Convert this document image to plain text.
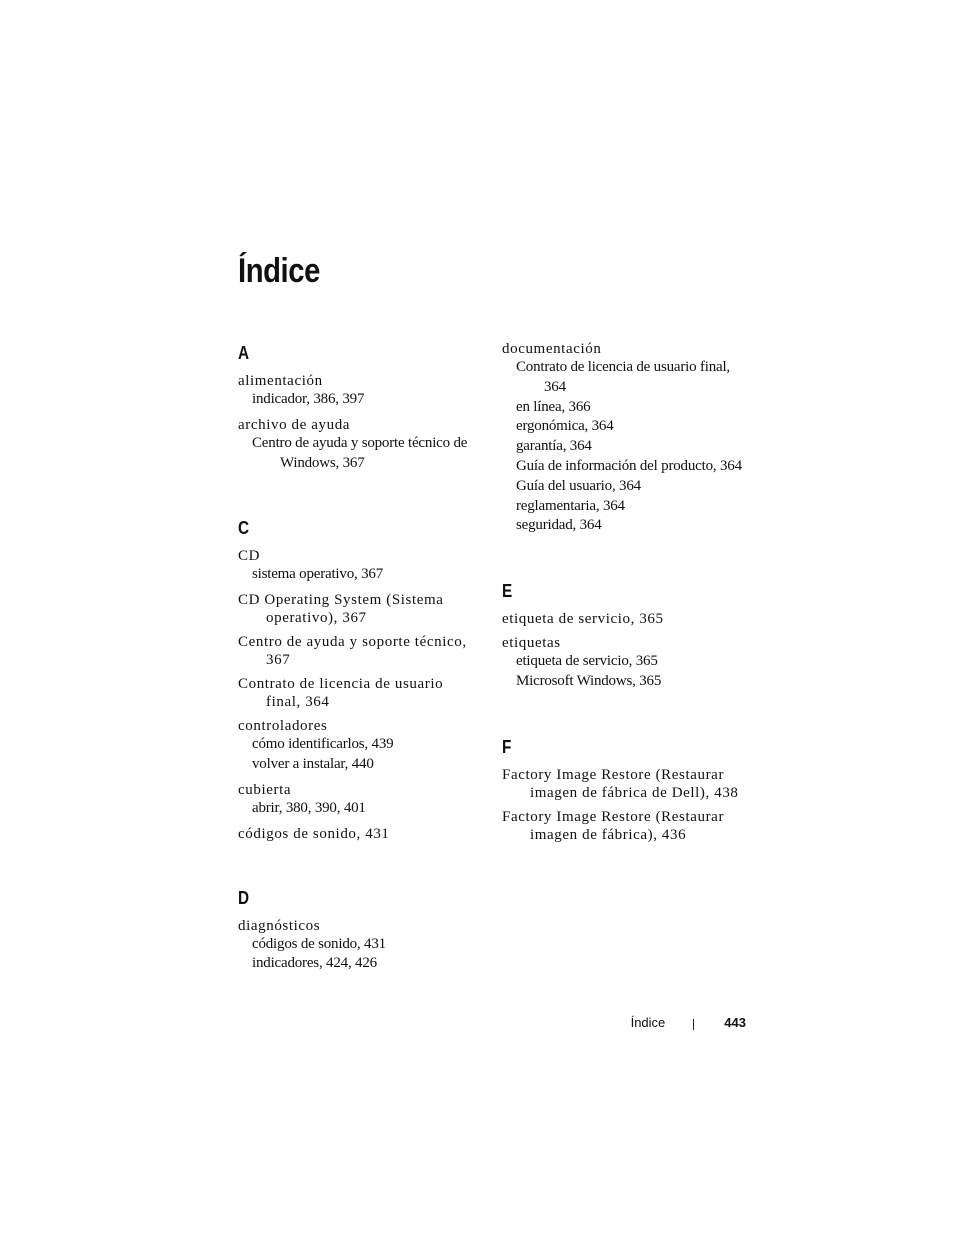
Índice
A
alimentación
indicador, 386, 397
archivo de ayuda
Centro de ayuda y soporte técnico de Windows, 367
C
CD
sistema operativo, 367
CD Operating System (Sistema operativo), 367
Centro de ayuda y soporte técnico, 367
Contrato de licencia de usuario final, 364
controladores
cómo identificarlos, 439
volver a instalar, 440
cubierta
abrir, 380, 390, 401
códigos de sonido, 431
D
diagnósticos
códigos de sonido, 431
indicadores, 424, 426
documentación
Contrato de licencia de usuario final, 364
en línea, 366
ergonómica, 364
garantía, 364
Guía de información del producto, 364
Guía del usuario, 364
reglamentaria, 364
seguridad, 364
E
etiqueta de servicio, 365
etiquetas
etiqueta de servicio, 365
Microsoft Windows, 365
F
Factory Image Restore (Restaurar imagen de fábrica de Dell), 438
Factory Image Restore (Restaurar imagen de fábrica), 436
Índice	443
